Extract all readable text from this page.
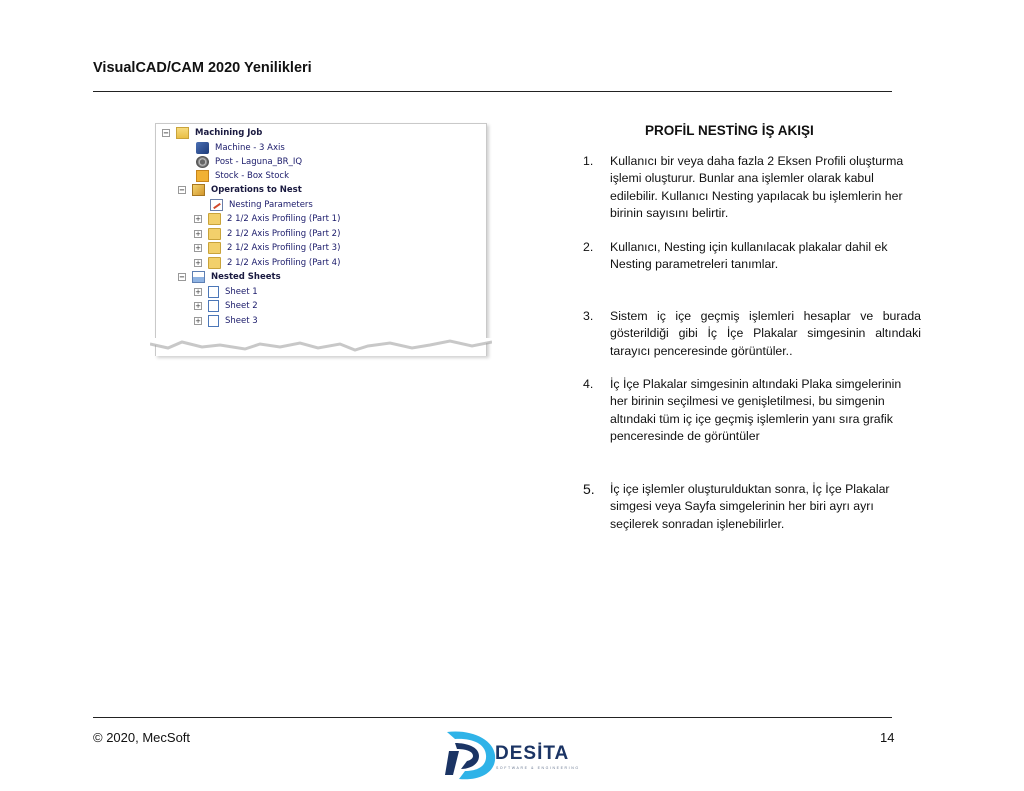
VisualCAD/CAM 2020 Yenilikleri
−	Machining Job
Machine - 3 Axis
Post - Laguna_BR_IQ
Stock - Box Stock
−	Operations to Nest
Nesting Parameters
+	2 1/2 Axis Profiling (Part 1)
+	2 1/2 Axis Profiling (Part 2)
+	2 1/2 Axis Profiling (Part 3)
+	2 1/2 Axis Profiling (Part 4)
−	Nested Sheets
+	Sheet 1
+	Sheet 2
+	Sheet 3
PROFİL NESTİNG İŞ AKIŞI
1. Kullanıcı bir veya daha fazla 2 Eksen Profili oluşturma işlemi oluşturur. Bunlar ana işlemler olarak kabul edilebilir. Kullanıcı Nesting yapılacak bu işlemlerin her birinin sayısını belirtir.
2. Kullanıcı, Nesting için kullanılacak plakalar dahil ek Nesting parametreleri tanımlar.
3. Sistem iç içe geçmiş işlemleri hesaplar ve burada gösterildiği gibi İç İçe Plakalar simgesinin altındaki tarayıcı penceresinde görüntüler..
4. İç İçe Plakalar simgesinin altındaki Plaka simgelerinin her birinin seçilmesi ve genişletilmesi, bu simgenin altındaki tüm iç içe geçmiş işlemlerin yanı sıra grafik penceresinde de görüntüler
5. İç içe işlemler oluşturulduktan sonra, İç İçe Plakalar simgesi veya Sayfa simgelerinin her biri ayrı ayrı seçilerek sonradan işlenebilirler.
© 2020, MecSoft	14
DESİTA
SOFTWARE & ENGINEERING
